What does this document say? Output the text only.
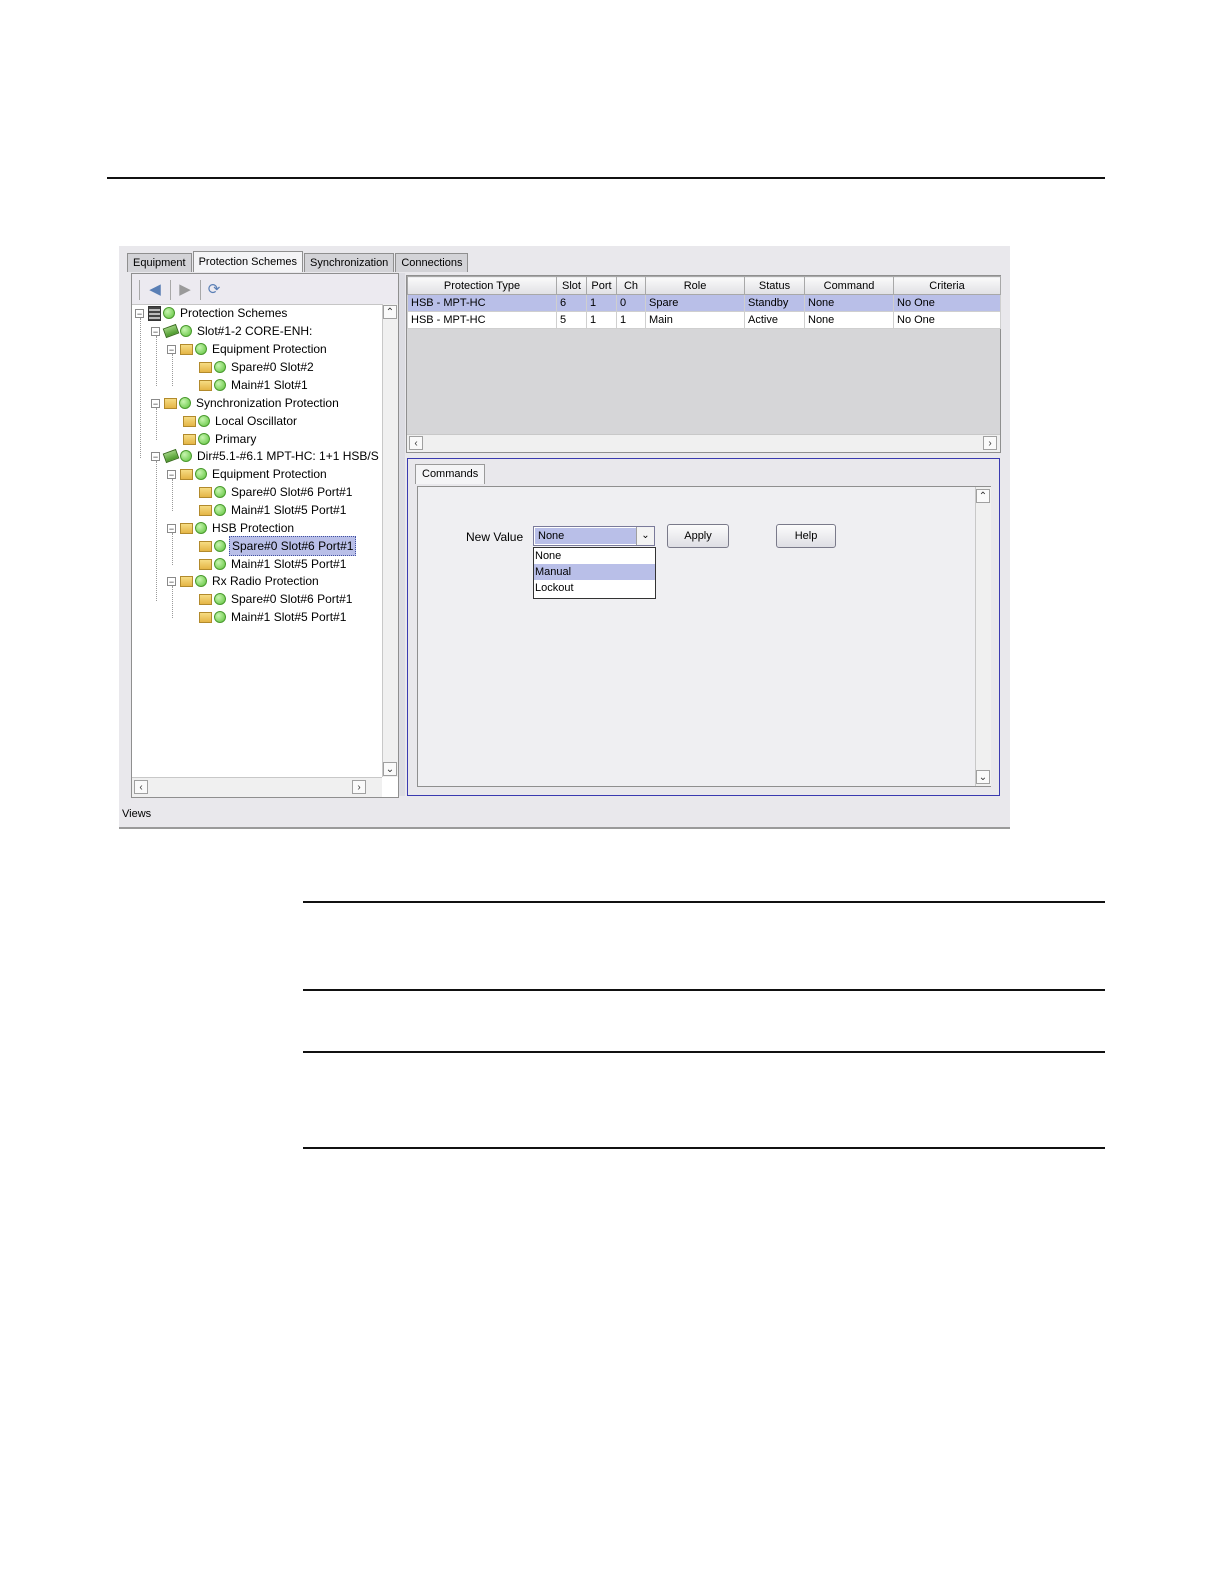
Equipment	Protection Schemes	Synchronization	Connections
◀ ▶ ⟳
−	Protection Schemes
−	Slot#1-2 CORE-ENH:
−	Equipment Protection
Spare#0 Slot#2
Main#1 Slot#1
−	Synchronization Protection
Local Oscillator
Primary
−	Dir#5.1-#6.1 MPT-HC: 1+1 HSB/S
−	Equipment Protection
Spare#0 Slot#6 Port#1
Main#1 Slot#5 Port#1
−	HSB Protection
Spare#0 Slot#6 Port#1
Main#1 Slot#5 Port#1
−	Rx Radio Protection
Spare#0 Slot#6 Port#1
Main#1 Slot#5 Port#1
⌃
⌄
‹	›
Protection Type	Slot	Port	Ch	Role	Status	Command	Criteria
HSB - MPT-HC	6	1	0	Spare	Standby	None	No One
HSB - MPT-HC	5	1	1	Main	Active	None	No One
‹	›
Commands
New Value None	⌄
None
Manual
Lockout
Apply	Help
⌃
⌄
Views
